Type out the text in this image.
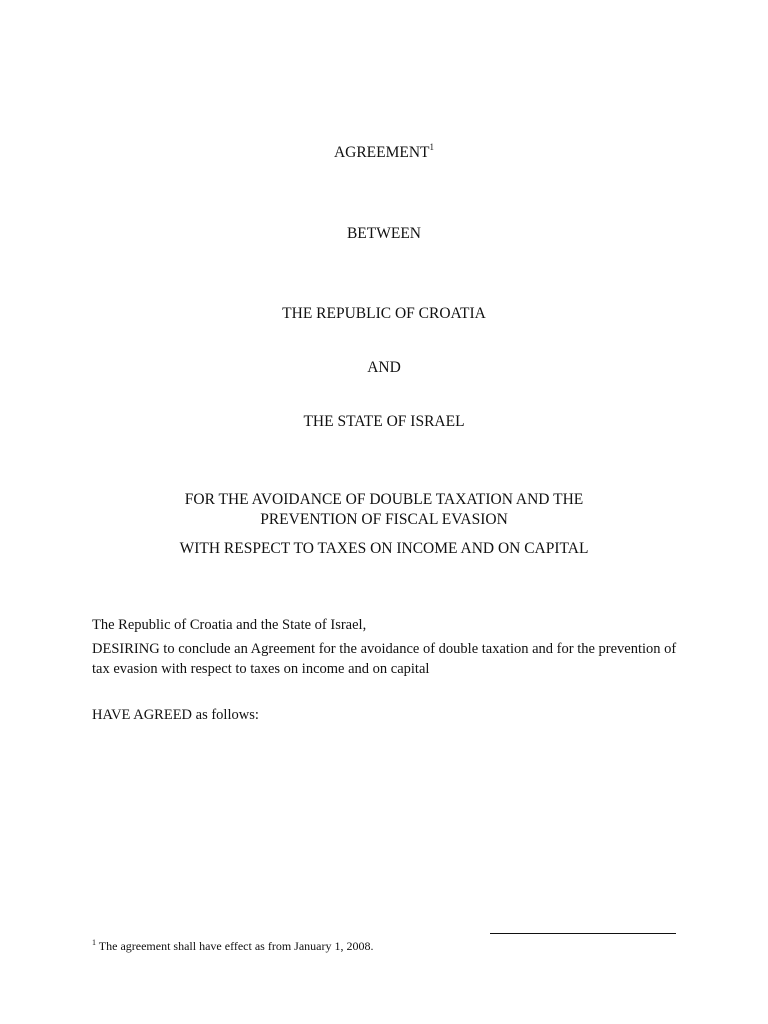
AGREEMENT$^1$
BETWEEN
THE REPUBLIC OF CROATIA
AND
THE STATE OF ISRAEL
FOR THE AVOIDANCE OF DOUBLE TAXATION AND THE
PREVENTION OF FISCAL EVASION
WITH RESPECT TO TAXES ON INCOME AND ON CAPITAL
The Republic of Croatia and the State of Israel,
DESIRING to conclude an Agreement for the avoidance of double taxation and for the prevention of tax evasion with respect to taxes on income and on capital
HAVE AGREED as follows:
$^1$ The agreement shall have effect as from January 1, 2008.
